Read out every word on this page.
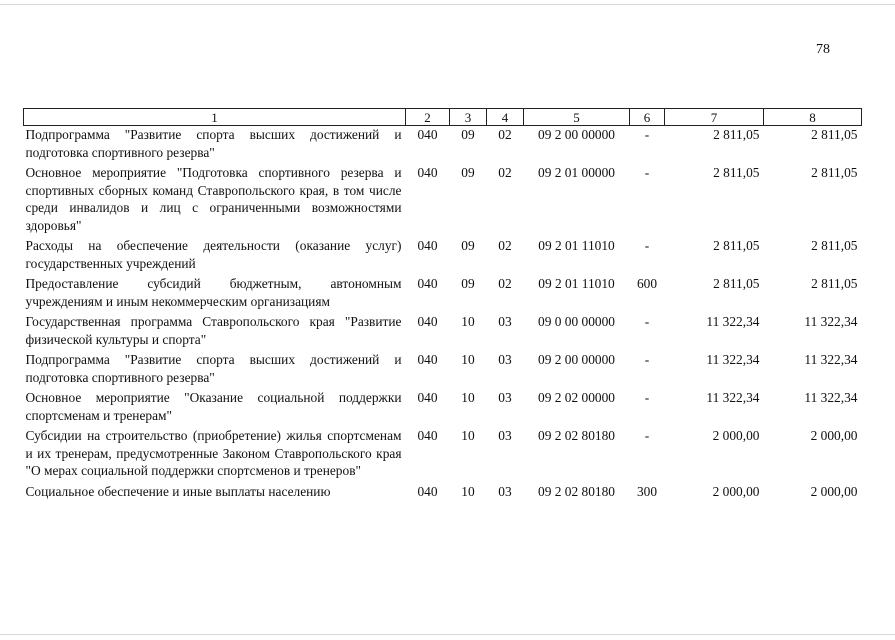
78
1	2	3	4	5	6	7	8
Подпрограмма "Развитие спорта высших достижений и подготовка спортивного резерва"	040	09	02	09 2 00 00000	-	2 811,05	2 811,05
Основное мероприятие "Подготовка спортивного резерва и спортивных сборных команд Ставропольского края, в том числе среди инвалидов и лиц с ограниченными возможностями здоровья"	040	09	02	09 2 01 00000	-	2 811,05	2 811,05
Расходы на обеспечение деятельности (оказание услуг) государственных учреждений	040	09	02	09 2 01 11010	-	2 811,05	2 811,05
Предоставление субсидий бюджетным, автономным учреждениям и иным некоммерческим организациям	040	09	02	09 2 01 11010	600	2 811,05	2 811,05
Государственная программа Ставропольского края "Развитие физической культуры и спорта"	040	10	03	09 0 00 00000	-	11 322,34	11 322,34
Подпрограмма "Развитие спорта высших достижений и подготовка спортивного резерва"	040	10	03	09 2 00 00000	-	11 322,34	11 322,34
Основное мероприятие "Оказание социальной поддержки спортсменам и тренерам"	040	10	03	09 2 02 00000	-	11 322,34	11 322,34
Субсидии на строительство (приобретение) жилья спортсменам и их тренерам, предусмотренные Законом Ставропольского края "О мерах социальной поддержки спортсменов и тренеров"	040	10	03	09 2 02 80180	-	2 000,00	2 000,00
Социальное обеспечение и иные выплаты населению	040	10	03	09 2 02 80180	300	2 000,00	2 000,00
